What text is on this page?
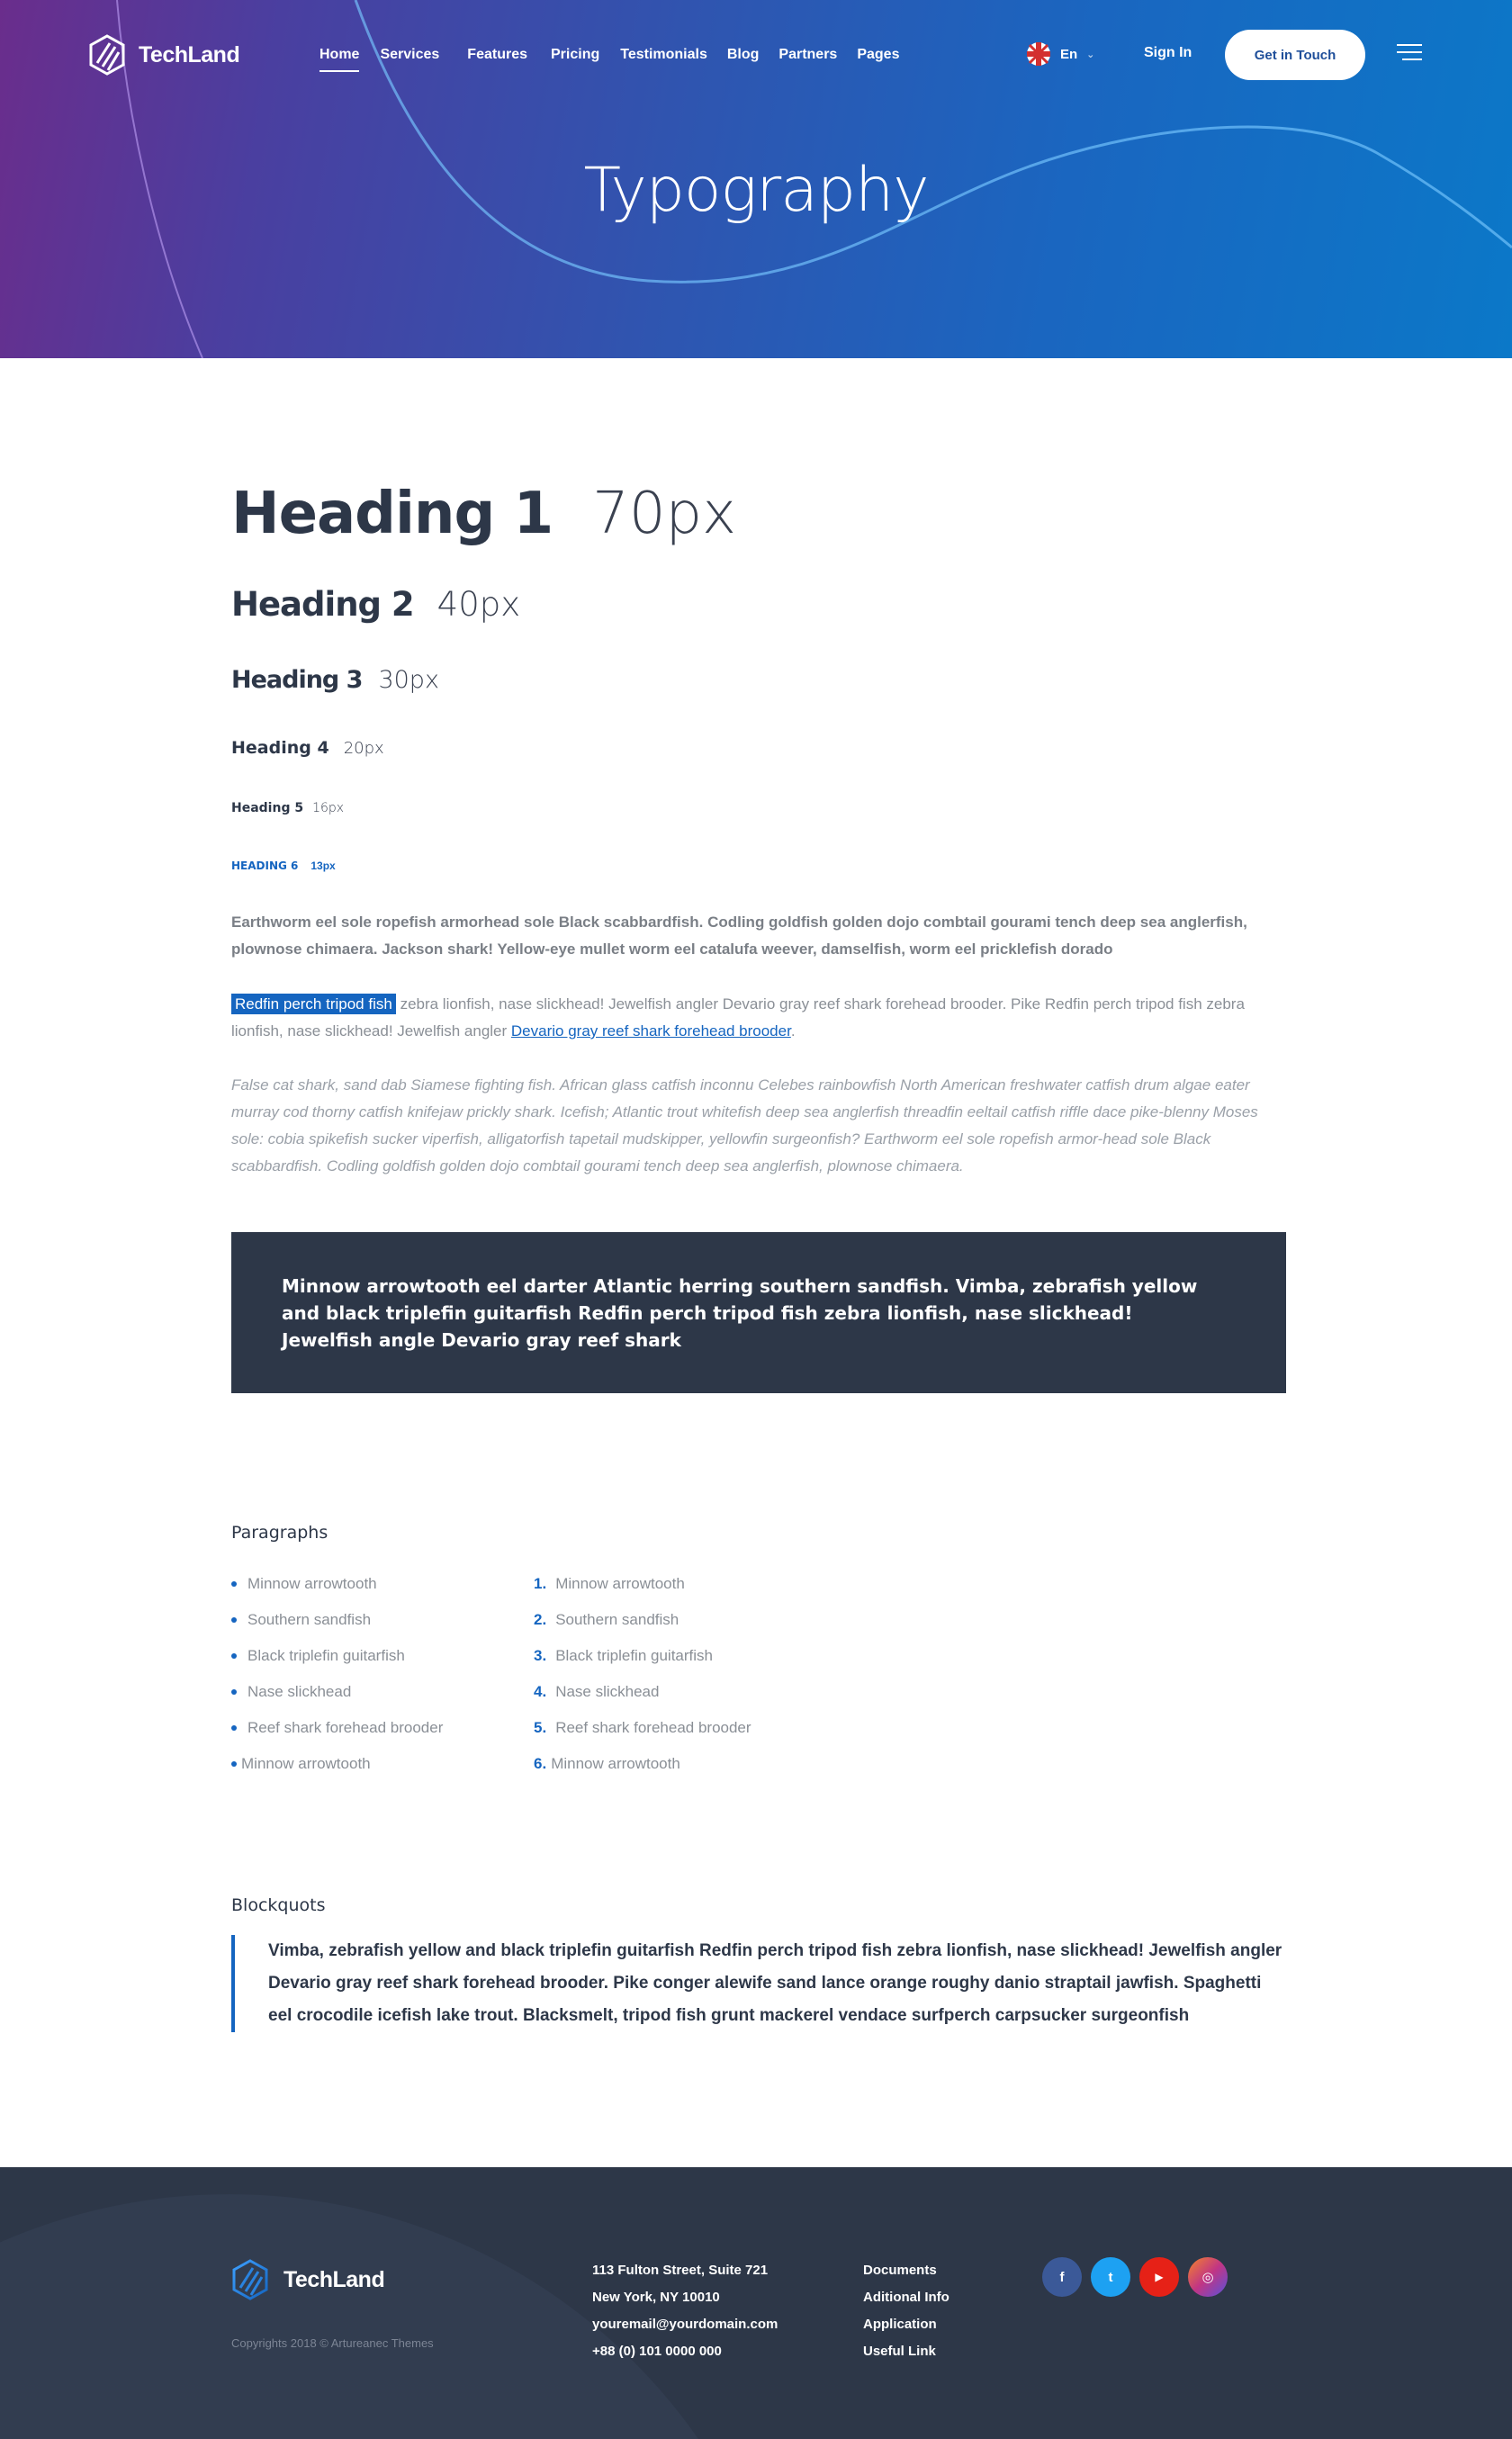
TechLand	Home Services Features Pricing Testimonials Blog Partners Pages	En ⌄	Sign In	Get in Touch
Typography
Heading 1 70px
Heading 2 40px
Heading 3 30px
Heading 4 20px
Heading 5 16px
HEADING 6 13px

Earthworm eel sole ropefish armorhead sole Black scabbardfish. Codling goldfish golden dojo combtail gourami tench deep sea anglerfish, plownose chimaera. Jackson shark! Yellow-eye mullet worm eel catalufa weever, damselfish, worm eel pricklefish dorado

Redfin perch tripod fish zebra lionfish, nase slickhead! Jewelfish angler Devario gray reef shark forehead brooder. Pike Redfin perch tripod fish zebra lionfish, nase slickhead! Jewelfish angler Devario gray reef shark forehead brooder.

False cat shark, sand dab Siamese fighting fish. African glass catfish inconnu Celebes rainbowfish North American freshwater catfish drum algae eater murray cod thorny catfish knifejaw prickly shark. Icefish; Atlantic trout whitefish deep sea anglerfish threadfin eeltail catfish riffle dace pike-blenny Moses sole: cobia spikefish sucker viperfish, alligatorfish tapetail mudskipper, yellowfin surgeonfish? Earthworm eel sole ropefish armor-head sole Black scabbardfish. Codling goldfish golden dojo combtail gourami tench deep sea anglerfish, plownose chimaera.

Minnow arrowtooth eel darter Atlantic herring southern sandfish. Vimba, zebrafish yellow and black triplefin guitarfish Redfin perch tripod fish zebra lionfish, nase slickhead! Jewelfish angle Devario gray reef shark

Paragraphs
Minnow arrowtooth
Southern sandfish
Black triplefin guitarfish
Nase slickhead
Reef shark forehead brooder
Minnow arrowtooth
1. Minnow arrowtooth
2. Southern sandfish
3. Black triplefin guitarfish
4. Nase slickhead
5. Reef shark forehead brooder
6. Minnow arrowtooth
Blockquots

Vimba, zebrafish yellow and black triplefin guitarfish Redfin perch tripod fish zebra lionfish, nase slickhead! Jewelfish angler Devario gray reef shark forehead brooder. Pike conger alewife sand lance orange roughy danio straptail jawfish. Spaghetti eel crocodile icefish lake trout. Blacksmelt, tripod fish grunt mackerel vendace surfperch carpsucker surgeonfish

TechLand
Copyrights 2018 © Artureanec Themes
113 Fulton Street, Suite 721
New York, NY 10010
youremail@yourdomain.com
+88 (0) 101 0000 000
Documents
Aditional Info
Application
Useful Link
f	t	▶	◎
